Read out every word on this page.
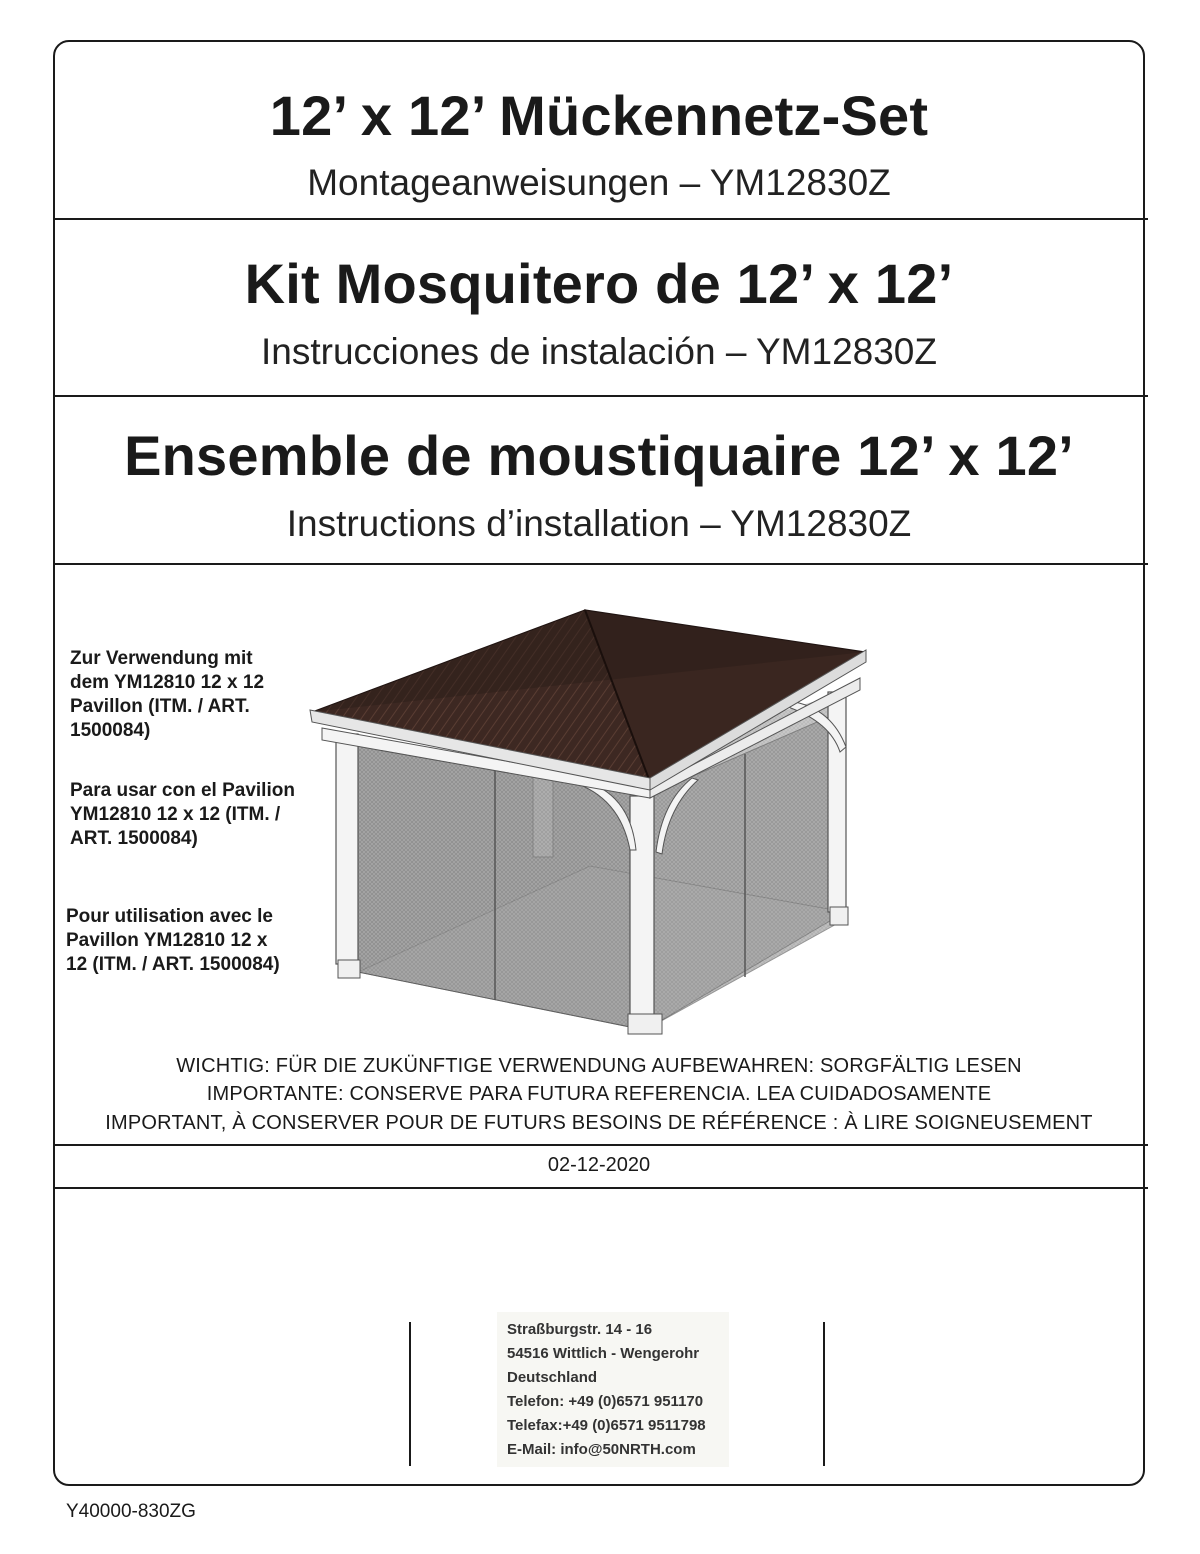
12’ x 12’ Mückennetz-Set
Montageanweisungen – YM12830Z
Kit Mosquitero de 12’ x 12’
Instrucciones de instalación – YM12830Z
Ensemble de moustiquaire 12’ x 12’
Instructions d’installation – YM12830Z

Zur Verwendung mit dem YM12810 12 x 12 Pavillon (ITM. / ART. 1500084)

Para usar con el Pavilion YM12810 12 x 12 (ITM. / ART. 1500084)

Pour utilisation avec le Pavillon YM12810 12 x 12 (ITM. / ART. 1500084)

WICHTIG: FÜR DIE ZUKÜNFTIGE VERWENDUNG AUFBEWAHREN: SORGFÄLTIG LESEN
IMPORTANTE: CONSERVE PARA FUTURA REFERENCIA. LEA CUIDADOSAMENTE
IMPORTANT, À CONSERVER POUR DE FUTURS BESOINS DE RÉFÉRENCE : À LIRE SOIGNEUSEMENT
02-12-2020
Straßburgstr. 14 - 16
54516 Wittlich - Wengerohr
Deutschland
Telefon: +49 (0)6571 951170
Telefax:+49 (0)6571 9511798
E-Mail: info@50NRTH.com
Y40000-830ZG
